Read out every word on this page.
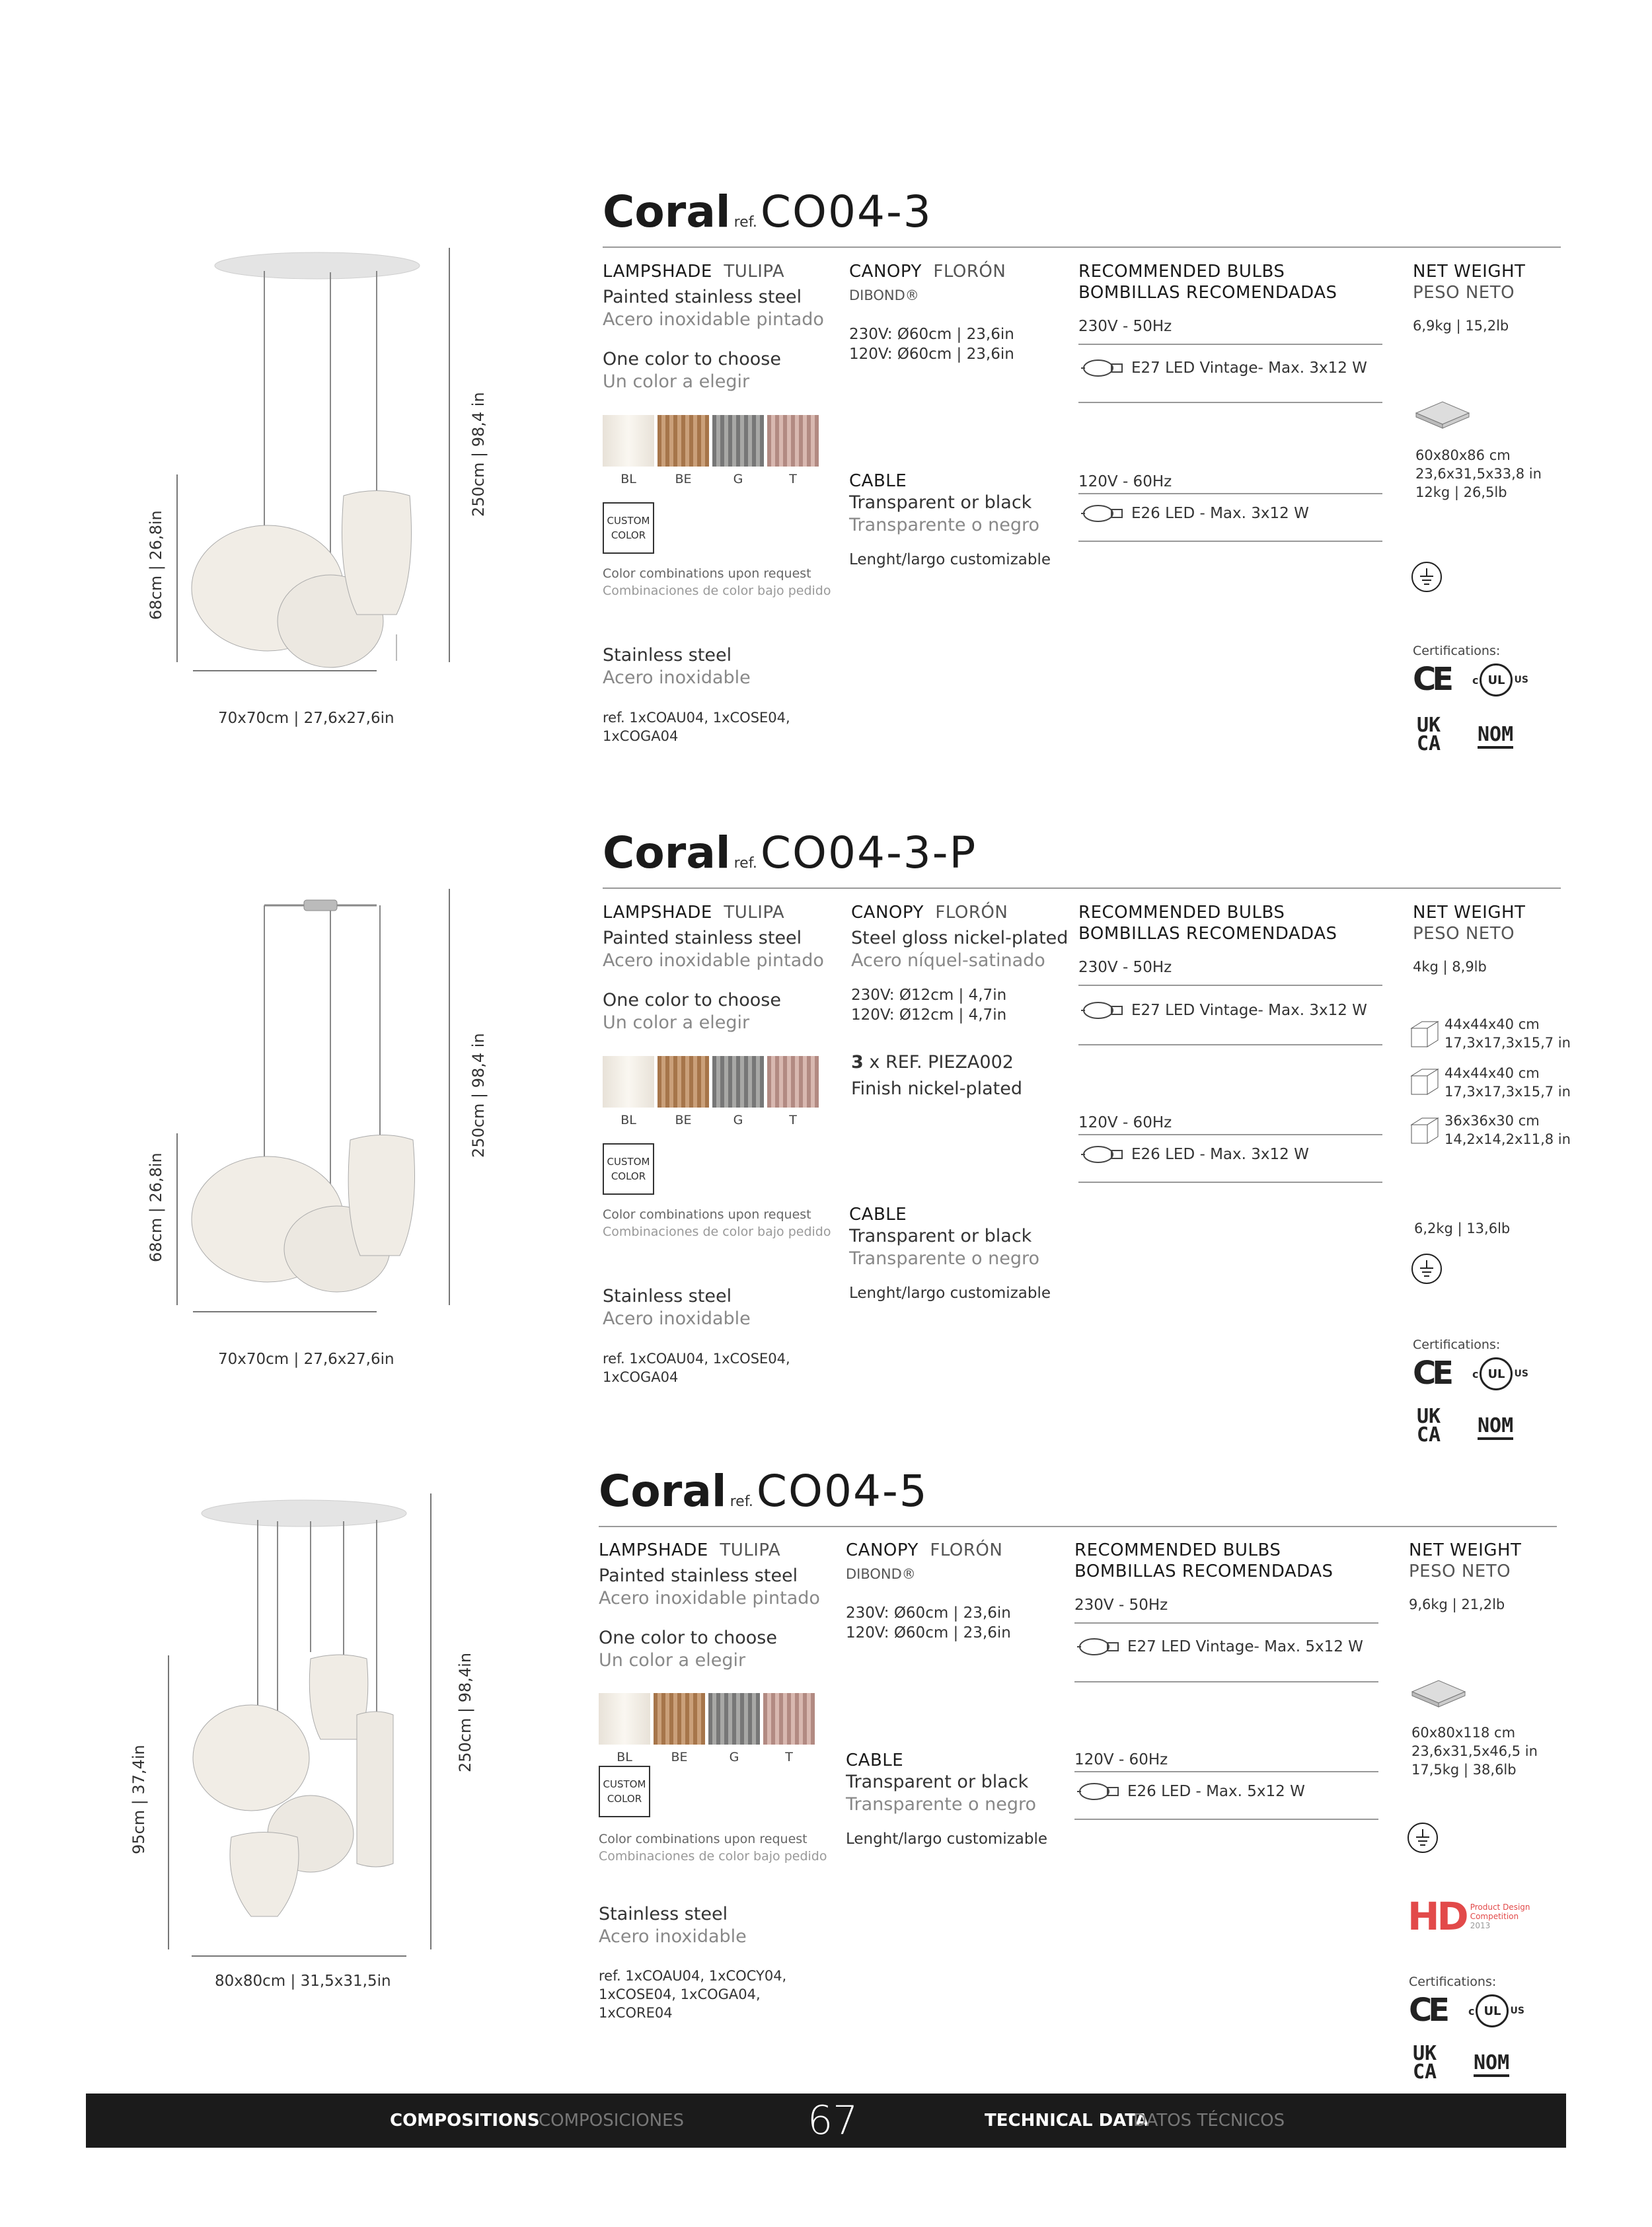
68cm | 26,8in
250cm | 98,4 in
70x70cm | 27,6x27,6in
Coral ref. CO04-3
LAMPSHADE TULIPA
Painted stainless steel
Acero inoxidable pintado
One color to choose
Un color a elegir
BL	BE	G	T
CUSTOM
COLOR
Color combinations upon request
Combinaciones de color bajo pedido
Stainless steel
Acero inoxidable
ref. 1xCOAU04, 1xCOSE04,
1xCOGA04
CANOPY FLORÓN
DIBOND®
230V: Ø60cm | 23,6in
120V: Ø60cm | 23,6in
CABLE
Transparent or black
Transparente o negro
Lenght/largo customizable
RECOMMENDED BULBS
BOMBILLAS RECOMENDADAS
230V - 50Hz
E27 LED Vintage- Max. 3x12 W
120V - 60Hz
E26 LED - Max. 3x12 W
NET WEIGHT
PESO NETO
6,9kg | 15,2lb
60x80x86 cm
23,6x31,5x33,8 in
12kg | 26,5lb
Certifications:
CE c UL US
UK
CA NOM
68cm | 26,8in
250cm | 98,4 in
70x70cm | 27,6x27,6in
Coral ref. CO04-3-P
LAMPSHADE TULIPA
Painted stainless steel
Acero inoxidable pintado
One color to choose
Un color a elegir
BL	BE	G	T
CUSTOM
COLOR
Color combinations upon request
Combinaciones de color bajo pedido
Stainless steel
Acero inoxidable
ref. 1xCOAU04, 1xCOSE04,
1xCOGA04
CANOPY FLORÓN
Steel gloss nickel-plated
Acero níquel-satinado
230V: Ø12cm | 4,7in
120V: Ø12cm | 4,7in
3 x REF. PIEZA002
Finish nickel-plated
CABLE
Transparent or black
Transparente o negro
Lenght/largo customizable
RECOMMENDED BULBS
BOMBILLAS RECOMENDADAS
230V - 50Hz
E27 LED Vintage- Max. 3x12 W
120V - 60Hz
E26 LED - Max. 3x12 W
NET WEIGHT
PESO NETO
4kg | 8,9lb
44x44x40 cm
17,3x17,3x15,7 in
44x44x40 cm
17,3x17,3x15,7 in
36x36x30 cm
14,2x14,2x11,8 in
6,2kg | 13,6lb
Certifications:
CE c UL US
UK
CA NOM
95cm | 37,4in
250cm | 98,4in
80x80cm | 31,5x31,5in
Coral ref. CO04-5
LAMPSHADE TULIPA
Painted stainless steel
Acero inoxidable pintado
One color to choose
Un color a elegir
BL	BE	G	T
CUSTOM
COLOR
Color combinations upon request
Combinaciones de color bajo pedido
Stainless steel
Acero inoxidable
ref. 1xCOAU04, 1xCOCY04,
1xCOSE04, 1xCOGA04,
1xCORE04
CANOPY FLORÓN
DIBOND®
230V: Ø60cm | 23,6in
120V: Ø60cm | 23,6in
CABLE
Transparent or black
Transparente o negro
Lenght/largo customizable
RECOMMENDED BULBS
BOMBILLAS RECOMENDADAS
230V - 50Hz
E27 LED Vintage- Max. 5x12 W
120V - 60Hz
E26 LED - Max. 5x12 W
NET WEIGHT
PESO NETO
9,6kg | 21,2lb
60x80x118 cm
23,6x31,5x46,5 in
17,5kg | 38,6lb
HD Product Design
Competition
2013
Certifications:
CE c UL US
UK
CA NOM
COMPOSITIONS
COMPOSICIONES	67	TECHNICAL DATA
DATOS TÉCNICOS
